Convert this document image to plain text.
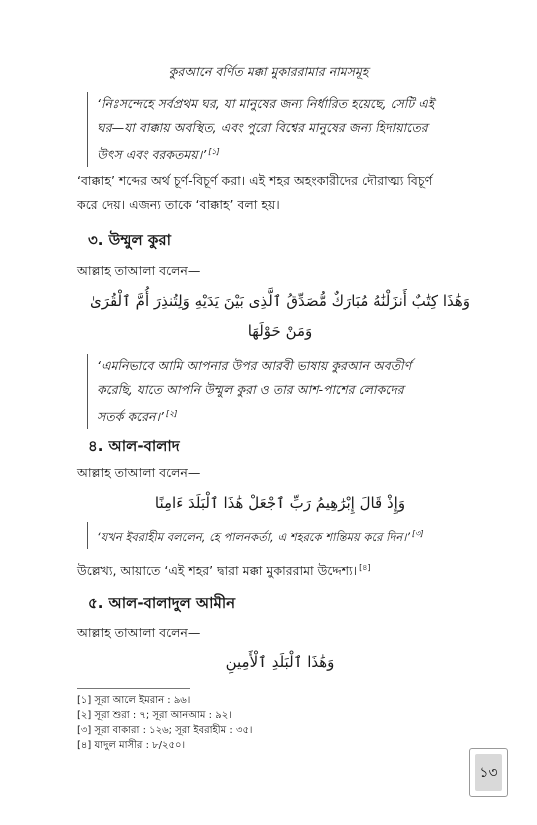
কুরআনে বর্ণিত মক্কা মুকাররামার নামসমূহ
‘নিঃসন্দেহে সর্বপ্রথম ঘর, যা মানুষের জন্য নির্ধারিত হয়েছে, সেটি এই
ঘর—যা বাক্কায় অবস্থিত, এবং পুরো বিশ্বের মানুষের জন্য হিদায়াতের
উৎস এবং বরকতময়।’ [১]
‘বাক্কাহ’ শব্দের অর্থ চূর্ণ-বিচূর্ণ করা। এই শহর অহংকারীদের দৌরাত্ম্য বিচূর্ণ
করে দেয়। এজন্য তাকে ‘বাক্কাহ’ বলা হয়।
৩. উম্মুল কুরা
আল্লাহ তাআলা বলেন—
وَهَٰذَا كِتَٰبٌ أَنزَلْنَٰهُ مُبَارَكٌ مُّصَدِّقُ ٱلَّذِى بَيْنَ يَدَيْهِ وَلِتُنذِرَ أُمَّ ٱلْقُرَىٰ
وَمَنْ حَوْلَهَا
‘এমনিভাবে আমি আপনার উপর আরবী ভাষায় কুরআন অবতীর্ণ
করেছি, যাতে আপনি উম্মুল কুরা ও তার আশ-পাশের লোকদের
সতর্ক করেন।’ [২]
৪. আল-বালাদ
আল্লাহ তাআলা বলেন—
وَإِذْ قَالَ إِبْرَٰهِيمُ رَبِّ ٱجْعَلْ هَٰذَا ٱلْبَلَدَ ءَامِنًا
‘যখন ইবরাহীম বললেন, হে পালনকর্তা, এ শহরকে শান্তিময় করে দিন।’ [৩]
উল্লেখ্য, আয়াতে ‘এই শহর’ দ্বারা মক্কা মুকাররামা উদ্দেশ্য। [৪]
৫. আল-বালাদুল আমীন
আল্লাহ তাআলা বলেন—
وَهَٰذَا ٱلْبَلَدِ ٱلْأَمِينِ
[১] সূরা আলে ইমরান : ৯৬।
[২] সূরা শুরা : ৭; সূরা আনআম : ৯২।
[৩] সূরা বাকারা : ১২৬; সূরা ইবরাহীম : ৩৫।
[৪] যাদুল মাসীর : ৮/২৫০।
১৩
